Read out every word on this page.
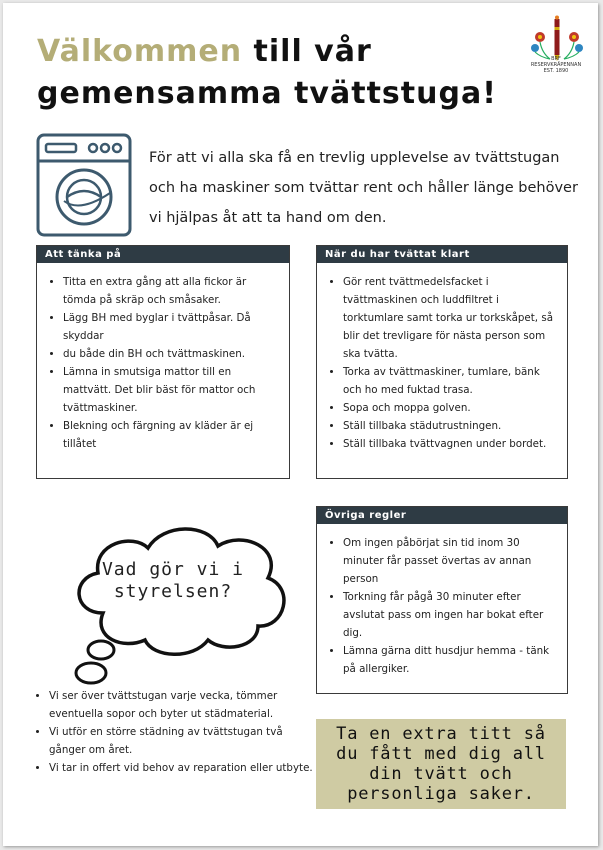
Välkommen till vår
gemensamma tvättstuga!
BRF
RESERVKRÄPENNAN
EST. 1890
För att vi alla ska få en trevlig upplevelse av tvättstugan och ha maskiner som tvättar rent och håller länge behöver vi hjälpas åt att ta hand om den.
Att tänka på
• Titta en extra gång att alla fickor är tömda på skräp och småsaker.
• Lägg BH med byglar i tvättpåsar. Då skyddar
• du både din BH och tvättmaskinen.
• Lämna in smutsiga mattor till en mattvätt. Det blir bäst för mattor och tvättmaskiner.
• Blekning och färgning av kläder är ej tillåtet
När du har tvättat klart
• Gör rent tvättmedelsfacket i tvättmaskinen och luddfiltret i torktumlare samt torka ur torkskåpet, så blir det trevligare för nästa person som ska tvätta.
• Torka av tvättmaskiner, tumlare, bänk och ho med fuktad trasa.
• Sopa och moppa golven.
• Ställ tillbaka städutrustningen.
• Ställ tillbaka tvättvagnen under bordet.
Övriga regler
• Om ingen påbörjat sin tid inom 30 minuter får passet övertas av annan person
• Torkning får pågå 30 minuter efter avslutat pass om ingen har bokat efter dig.
• Lämna gärna ditt husdjur hemma - tänk på allergiker.
Vad gör vi i styrelsen?
• Vi ser över tvättstugan varje vecka, tömmer eventuella sopor och byter ut städmaterial.
• Vi utför en större städning av tvättstugan två gånger om året.
• Vi tar in offert vid behov av reparation eller utbyte.
Ta en extra titt så du fått med dig all din tvätt och personliga saker.
